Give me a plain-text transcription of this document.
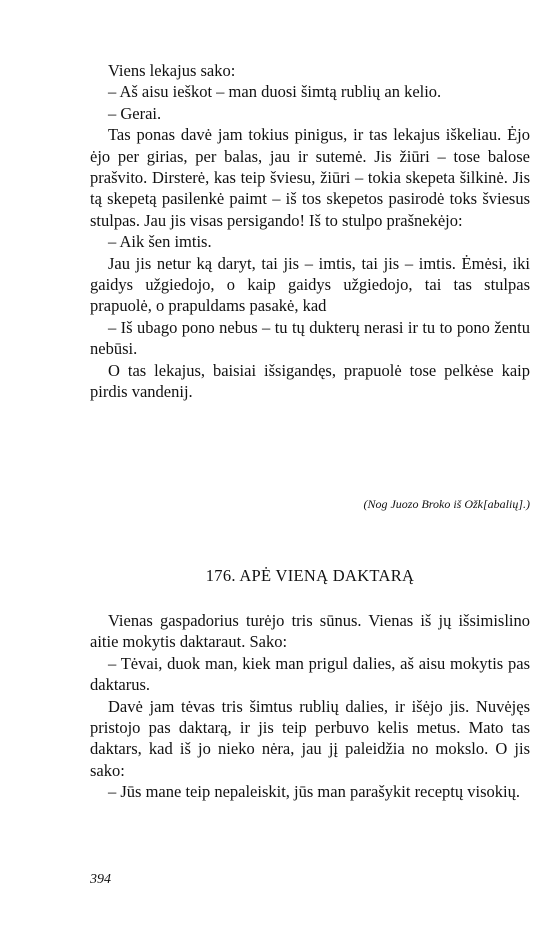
Viens lekajus sako:

– Aš aisu ieškot – man duosi šimtą rublių an kelio.

– Gerai.

Tas ponas davė jam tokius pinigus, ir tas lekajus iškeliau. Ėjo ėjo per girias, per balas, jau ir sutemė. Jis žiūri – tose balose prašvito. Dirsterė, kas teip šviesu, žiūri – tokia skepeta šilkinė. Jis tą skepetą pasilenkė paimt – iš tos skepetos pasirodė toks šviesus stulpas. Jau jis visas persigando! Iš to stulpo prašnekėjo:

– Aik šen imtis.

Jau jis netur ką daryt, tai jis – imtis, tai jis – imtis. Ėmėsi, iki gaidys užgiedojo, o kaip gaidys užgiedojo, tai tas stulpas prapuolė, o prapuldams pasakė, kad

– Iš ubago pono nebus – tu tų dukterų nerasi ir tu to pono žentu nebūsi.

O tas lekajus, baisiai išsigandęs, prapuolė tose pelkėse kaip pirdis vandenij.

(Nog Juozo Broko iš Ožk[abalių].)
176. APĖ VIENĄ DAKTARĄ

Vienas gaspadorius turėjo tris sūnus. Vienas iš jų išsimislino aitie mokytis daktaraut. Sako:

– Tėvai, duok man, kiek man prigul dalies, aš aisu mokytis pas daktarus.

Davė jam tėvas tris šimtus rublių dalies, ir išėjo jis. Nuvėjęs pristojo pas daktarą, ir jis teip perbuvo kelis metus. Mato tas daktars, kad iš jo nieko nėra, jau jį paleidžia no mokslo. O jis sako:

– Jūs mane teip nepaleiskit, jūs man parašykit receptų visokių.

394
